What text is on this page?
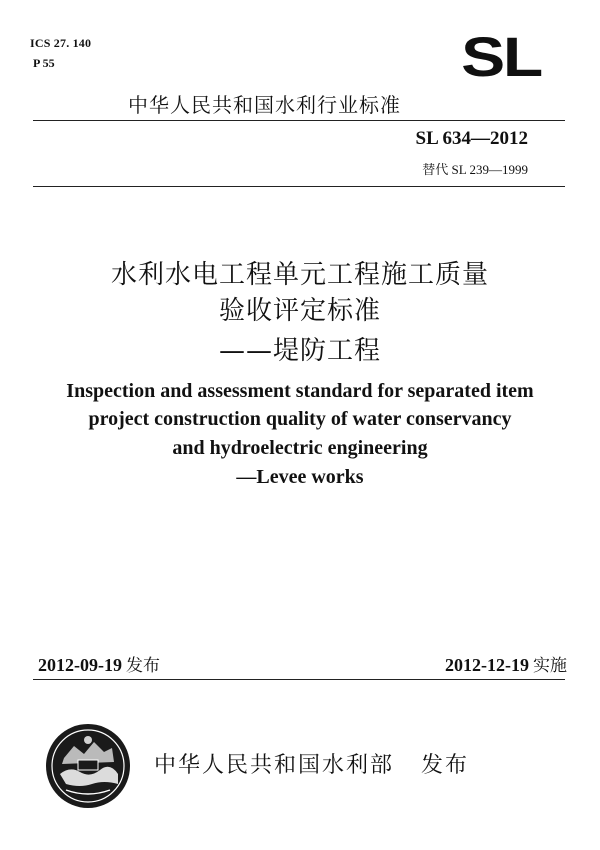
ICS 27. 140
P 55	SL
中华人民共和国水利行业标准
SL 634—2012
替代 SL 239—1999
水利水电工程单元工程施工质量
验收评定标准
——堤防工程
Inspection and assessment standard for separated item
project construction quality of water conservancy
and hydroelectric engineering
—Levee works
2012-09-19 发布	2012-12-19 实施
中华人民共和国水利部 发布
